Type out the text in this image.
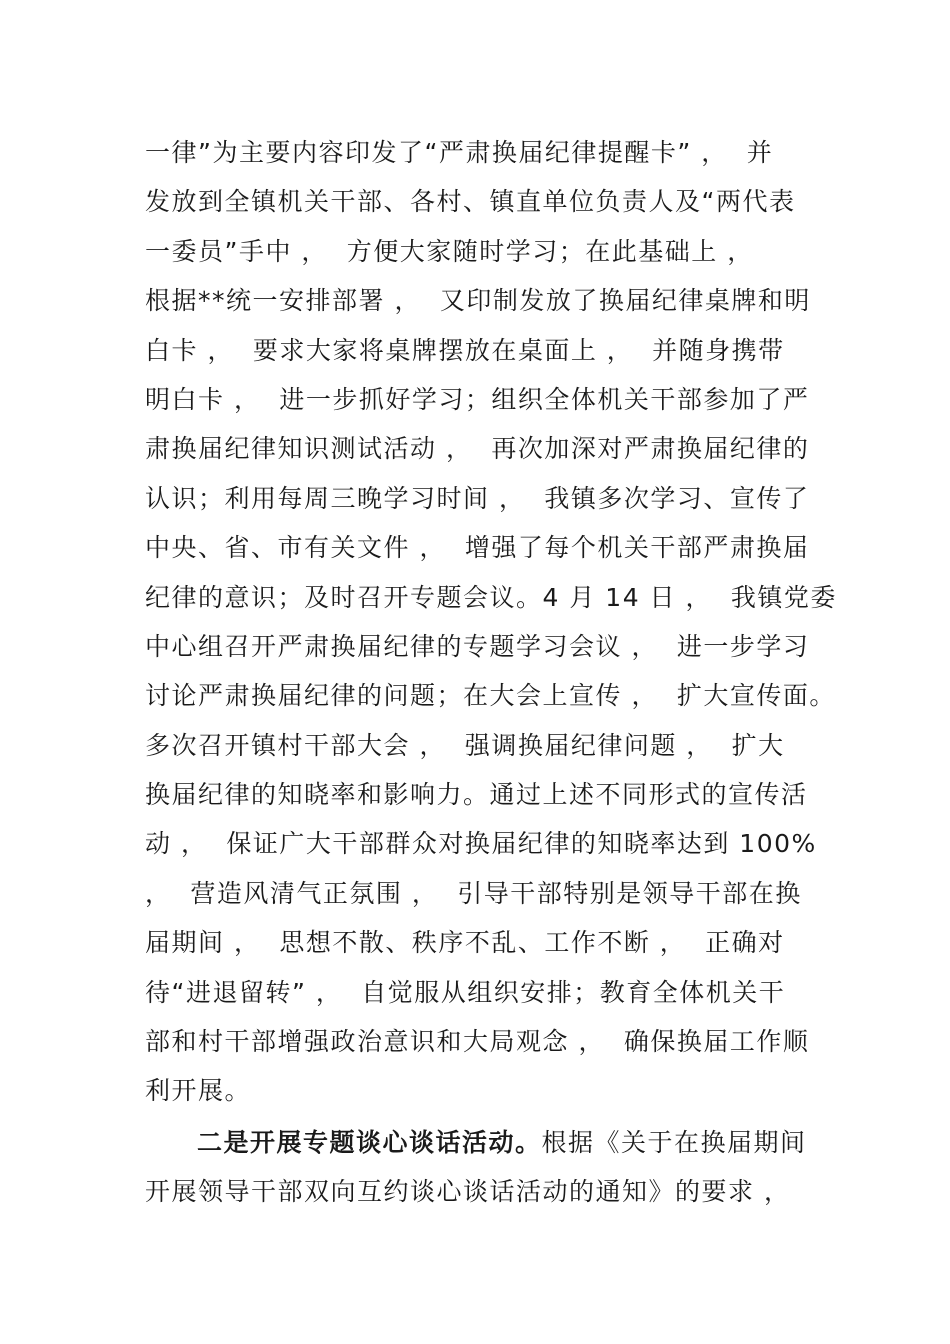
一律”为主要内容印发了“严肃换届纪律提醒卡” ，  并
发放到全镇机关干部、各村、镇直单位负责人及“两代表
一委员”手中 ，  方便大家随时学习；在此基础上 ，
根据**统一安排部署 ，  又印制发放了换届纪律桌牌和明
白卡 ，  要求大家将桌牌摆放在桌面上 ，  并随身携带
明白卡 ，  进一步抓好学习；组织全体机关干部参加了严
肃换届纪律知识测试活动 ，  再次加深对严肃换届纪律的
认识；利用每周三晚学习时间 ，  我镇多次学习、宣传了
中央、省、市有关文件 ，  增强了每个机关干部严肃换届
纪律的意识；及时召开专题会议。4 月 14 日 ，  我镇党委
中心组召开严肃换届纪律的专题学习会议 ，  进一步学习
讨论严肃换届纪律的问题；在大会上宣传 ，  扩大宣传面。
多次召开镇村干部大会 ，  强调换届纪律问题 ，  扩大
换届纪律的知晓率和影响力。通过上述不同形式的宣传活
动 ，  保证广大干部群众对换届纪律的知晓率达到 100%
，  营造风清气正氛围 ，  引导干部特别是领导干部在换
届期间 ，  思想不散、秩序不乱、工作不断 ，  正确对
待“进退留转” ，  自觉服从组织安排；教育全体机关干
部和村干部增强政治意识和大局观念 ，  确保换届工作顺
利开展。
二是开展专题谈心谈话活动。根据《关于在换届期间
开展领导干部双向互约谈心谈话活动的通知》的要求 ，
